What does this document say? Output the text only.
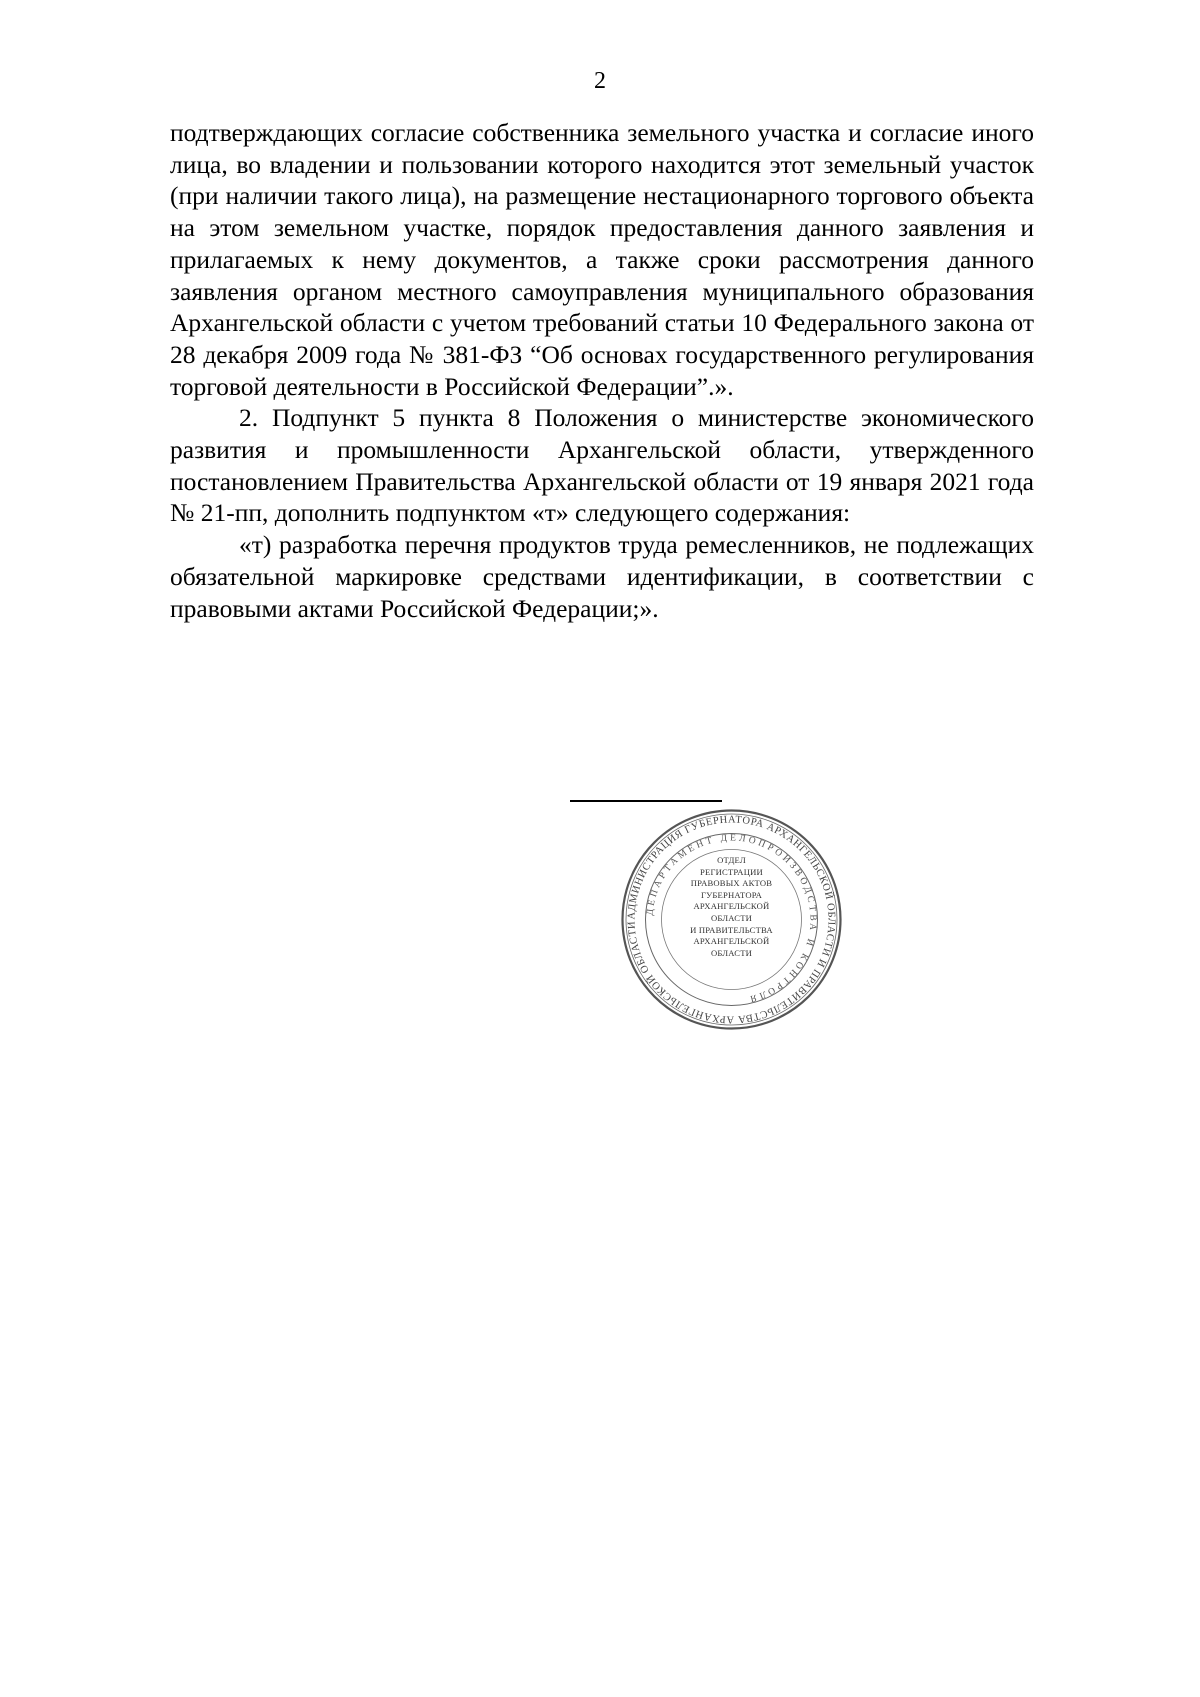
2

подтверждающих согласие собственника земельного участка и согласие иного лица, во владении и пользовании которого находится этот земельный участок (при наличии такого лица), на размещение нестационарного торгового объекта на этом земельном участке, порядок предоставления данного заявления и прилагаемых к нему документов, а также сроки рассмотрения данного заявления органом местного самоуправления муниципального образования Архангельской области с учетом требований статьи 10 Федерального закона от 28 декабря 2009 года № 381-ФЗ “Об основах государственного регулирования торговой деятельности в Российской Федерации”.».

2. Подпункт 5 пункта 8 Положения о министерстве экономического развития и промышленности Архангельской области, утвержденного постановлением Правительства Архангельской области от 19 января 2021 года № 21-пп, дополнить подпунктом «т» следующего содержания:

«т) разработка перечня продуктов труда ремесленников, не подлежащих обязательной маркировке средствами идентификации, в соответствии с правовыми актами Российской Федерации;».

АДМИНИСТРАЦИЯ ГУБЕРНАТОРА АРХАНГЕЛЬСКОЙ ОБЛАСТИ И ПРАВИТЕЛЬСТВА АРХАНГЕЛЬСКОЙ ОБЛАСТИ
ДЕПАРТАМЕНТ ДЕЛОПРОИЗВОДСТВА И КОНТРОЛЯ
ОТДЕЛ
РЕГИСТРАЦИИ
ПРАВОВЫХ АКТОВ
ГУБЕРНАТОРА
АРХАНГЕЛЬСКОЙ
ОБЛАСТИ
И ПРАВИТЕЛЬСТВА
АРХАНГЕЛЬСКОЙ
ОБЛАСТИ
